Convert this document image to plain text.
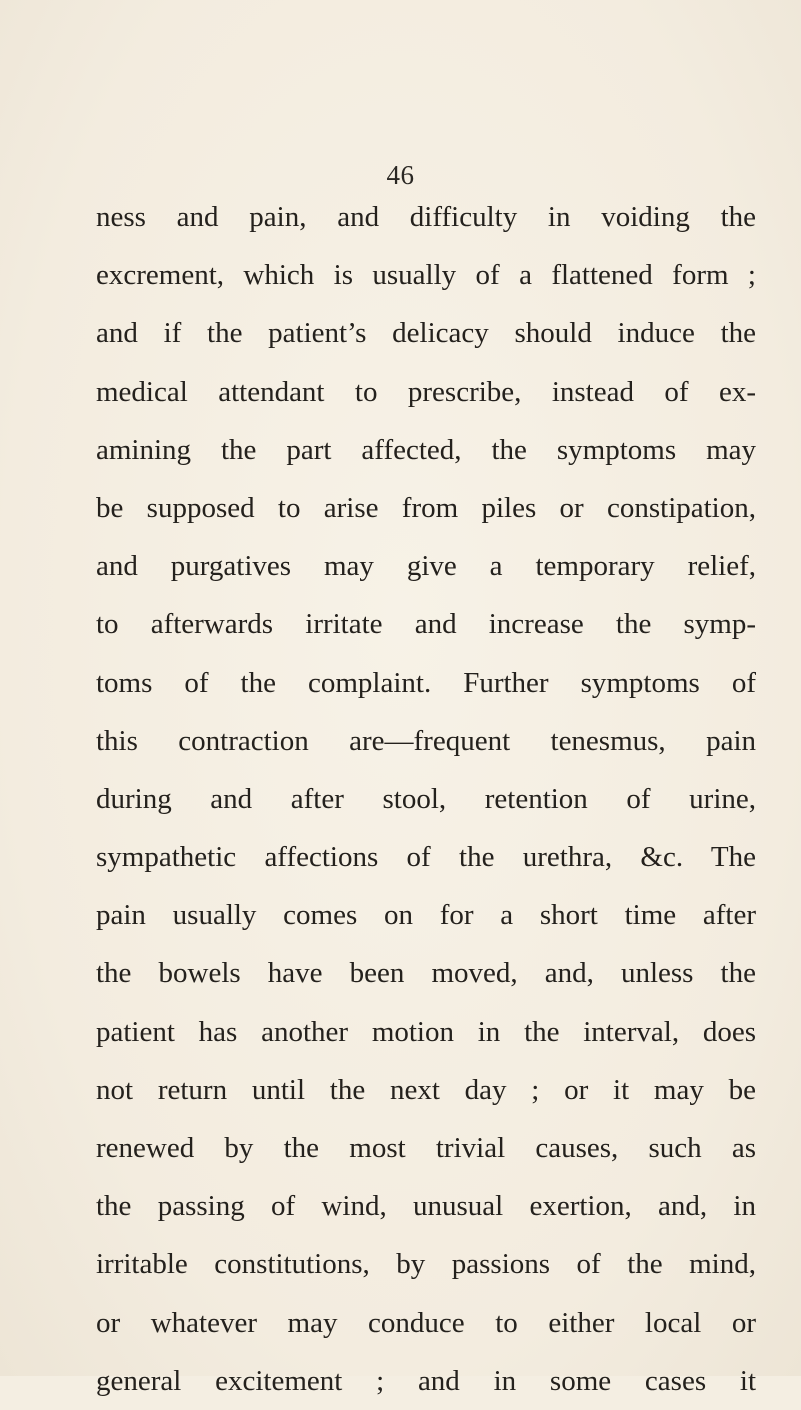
46
ness and pain, and difficulty in voiding the
excrement, which is usually of a flattened form ;
and if the patient’s delicacy should induce the
medical attendant to prescribe, instead of ex-
amining the part affected, the symptoms may
be supposed to arise from piles or constipation,
and purgatives may give a temporary relief,
to afterwards irritate and increase the symp-
toms of the complaint. Further symptoms of
this contraction are—frequent tenesmus, pain
during and after stool, retention of urine,
sympathetic affections of the urethra, &c. The
pain usually comes on for a short time after
the bowels have been moved, and, unless the
patient has another motion in the interval, does
not return until the next day ; or it may be
renewed by the most trivial causes, such as
the passing of wind, unusual exertion, and, in
irritable constitutions, by passions of the mind,
or whatever may conduce to either local or
general excitement ; and in some cases it
